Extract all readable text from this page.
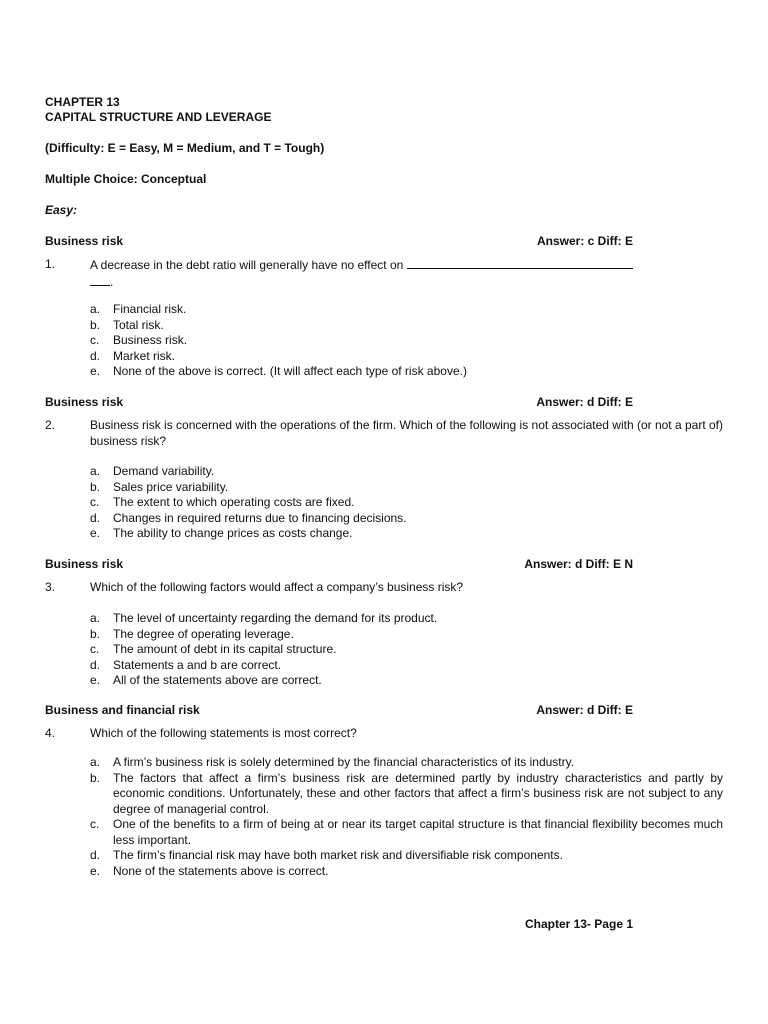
CHAPTER 13
CAPITAL STRUCTURE AND LEVERAGE
(Difficulty: E = Easy, M = Medium, and T = Tough)
Multiple Choice: Conceptual
Easy:
Business risk	Answer: c Diff: E
1.	A decrease in the debt ratio will generally have no effect on
.
a.	Financial risk.
b.	Total risk.
c.	Business risk.
d.	Market risk.
e.	None of the above is correct. (It will affect each type of risk above.)
Business risk	Answer: d Diff: E
2.	Business risk is concerned with the operations of the firm. Which of the following is not associated with (or not a part of) business risk?
a.	Demand variability.
b.	Sales price variability.
c.	The extent to which operating costs are fixed.
d.	Changes in required returns due to financing decisions.
e.	The ability to change prices as costs change.
Business risk	Answer: d Diff: E N
3.	Which of the following factors would affect a company’s business risk?
a.	The level of uncertainty regarding the demand for its product.
b.	The degree of operating leverage.
c.	The amount of debt in its capital structure.
d.	Statements a and b are correct.
e.	All of the statements above are correct.
Business and financial risk	Answer: d Diff: E
4.	Which of the following statements is most correct?
a.	A firm’s business risk is solely determined by the financial characteristics of its industry.
b.	The factors that affect a firm’s business risk are determined partly by industry characteristics and partly by economic conditions. Unfortunately, these and other factors that affect a firm’s business risk are not subject to any degree of managerial control.
c.	One of the benefits to a firm of being at or near its target capital structure is that financial flexibility becomes much less important.
d.	The firm’s financial risk may have both market risk and diversifiable risk components.
e.	None of the statements above is correct.
Chapter 13- Page 1
